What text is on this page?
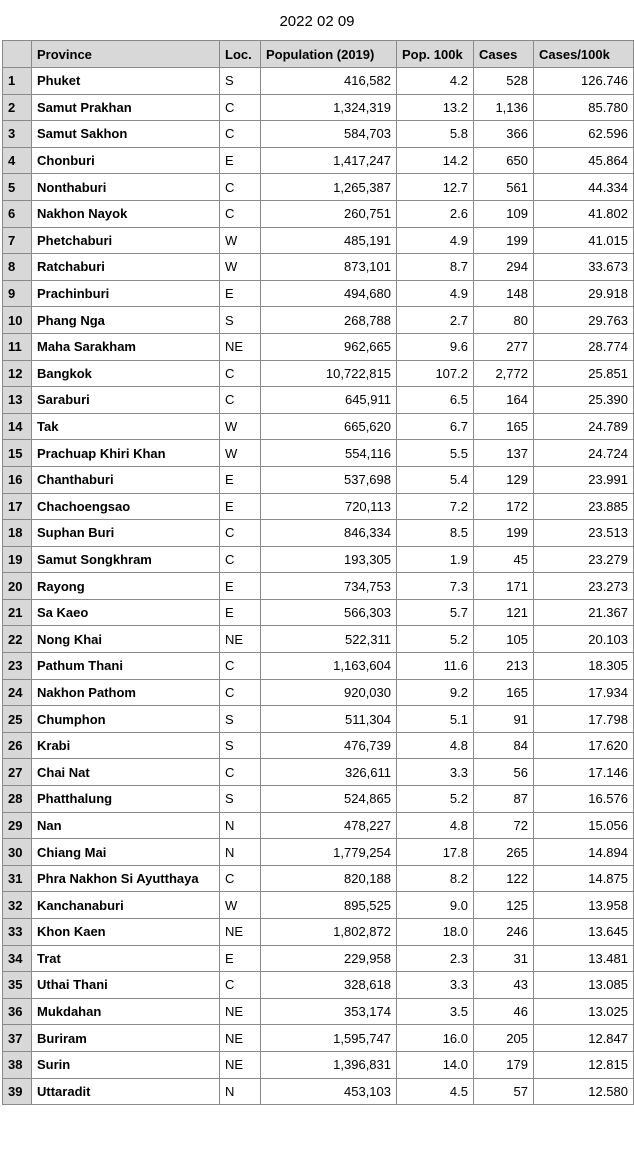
2022 02 09
	Province	Loc.	Population (2019)	Pop. 100k	Cases	Cases/100k
1	Phuket	S	416,582	4.2	528	126.746
2	Samut Prakhan	C	1,324,319	13.2	1,136	85.780
3	Samut Sakhon	C	584,703	5.8	366	62.596
4	Chonburi	E	1,417,247	14.2	650	45.864
5	Nonthaburi	C	1,265,387	12.7	561	44.334
6	Nakhon Nayok	C	260,751	2.6	109	41.802
7	Phetchaburi	W	485,191	4.9	199	41.015
8	Ratchaburi	W	873,101	8.7	294	33.673
9	Prachinburi	E	494,680	4.9	148	29.918
10	Phang Nga	S	268,788	2.7	80	29.763
11	Maha Sarakham	NE	962,665	9.6	277	28.774
12	Bangkok	C	10,722,815	107.2	2,772	25.851
13	Saraburi	C	645,911	6.5	164	25.390
14	Tak	W	665,620	6.7	165	24.789
15	Prachuap Khiri Khan	W	554,116	5.5	137	24.724
16	Chanthaburi	E	537,698	5.4	129	23.991
17	Chachoengsao	E	720,113	7.2	172	23.885
18	Suphan Buri	C	846,334	8.5	199	23.513
19	Samut Songkhram	C	193,305	1.9	45	23.279
20	Rayong	E	734,753	7.3	171	23.273
21	Sa Kaeo	E	566,303	5.7	121	21.367
22	Nong Khai	NE	522,311	5.2	105	20.103
23	Pathum Thani	C	1,163,604	11.6	213	18.305
24	Nakhon Pathom	C	920,030	9.2	165	17.934
25	Chumphon	S	511,304	5.1	91	17.798
26	Krabi	S	476,739	4.8	84	17.620
27	Chai Nat	C	326,611	3.3	56	17.146
28	Phatthalung	S	524,865	5.2	87	16.576
29	Nan	N	478,227	4.8	72	15.056
30	Chiang Mai	N	1,779,254	17.8	265	14.894
31	Phra Nakhon Si Ayutthaya	C	820,188	8.2	122	14.875
32	Kanchanaburi	W	895,525	9.0	125	13.958
33	Khon Kaen	NE	1,802,872	18.0	246	13.645
34	Trat	E	229,958	2.3	31	13.481
35	Uthai Thani	C	328,618	3.3	43	13.085
36	Mukdahan	NE	353,174	3.5	46	13.025
37	Buriram	NE	1,595,747	16.0	205	12.847
38	Surin	NE	1,396,831	14.0	179	12.815
39	Uttaradit	N	453,103	4.5	57	12.580
